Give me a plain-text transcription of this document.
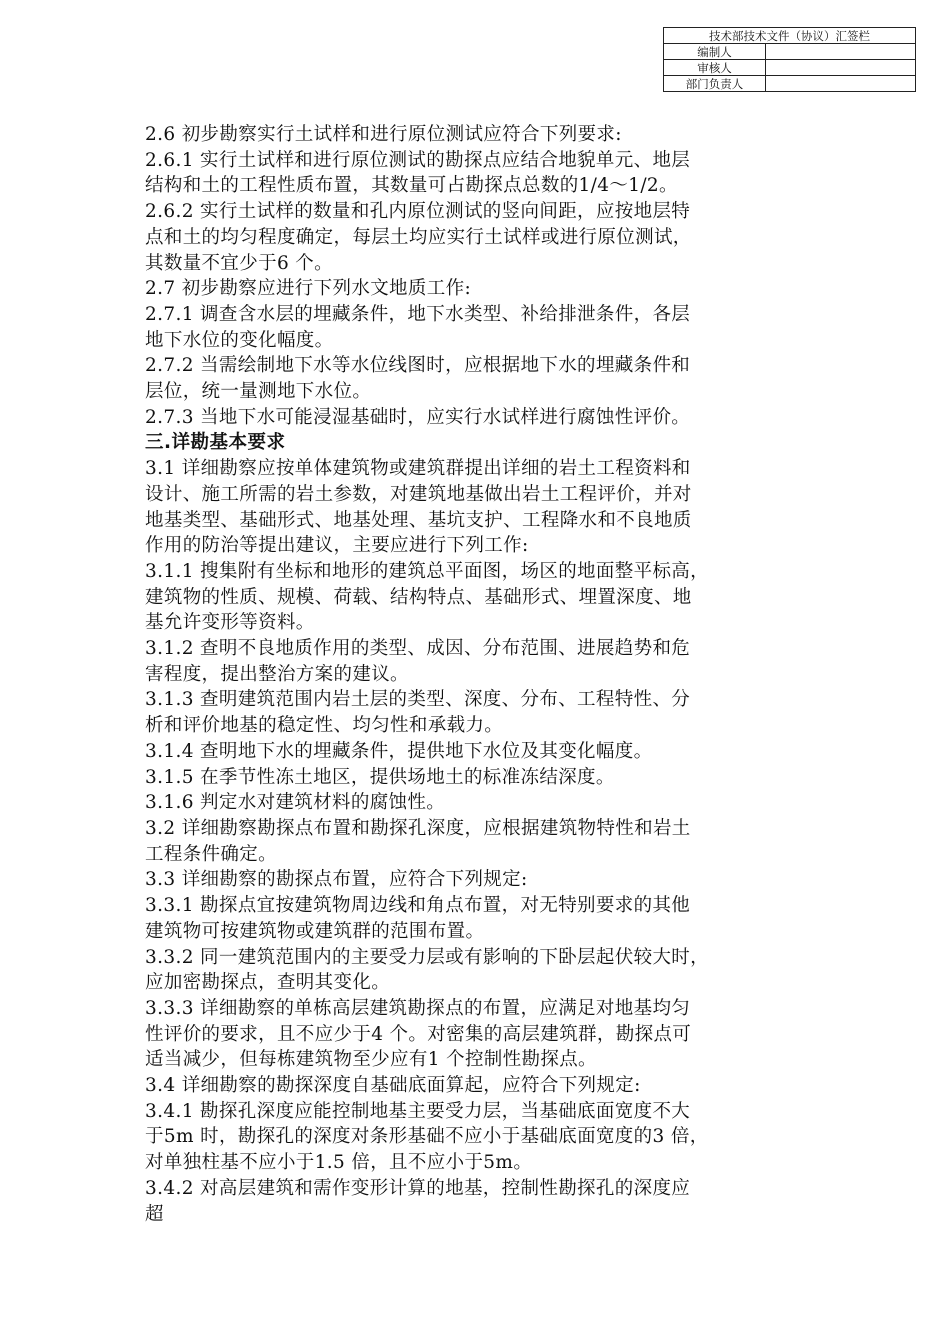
技术部技术文件（协议）汇签栏	
编制人	
审核人	
部门负责人	

2.6 初步勘察实行土试样和进行原位测试应符合下列要求:

2.6.1 实行土试样和进行原位测试的勘探点应结合地貌单元、地层

结构和土的工程性质布置，其数量可占勘探点总数的1/4～1/2。

2.6.2 实行土试样的数量和孔内原位测试的竖向间距，应按地层特

点和土的均匀程度确定，每层土均应实行土试样或进行原位测试，

其数量不宜少于6 个。

2.7 初步勘察应进行下列水文地质工作:

2.7.1 调查含水层的埋藏条件，地下水类型、补给排泄条件，各层

地下水位的变化幅度。

2.7.2 当需绘制地下水等水位线图时，应根据地下水的埋藏条件和

层位，统一量测地下水位。

2.7.3 当地下水可能浸湿基础时，应实行水试样进行腐蚀性评价。

三.详勘基本要求

3.1 详细勘察应按单体建筑物或建筑群提出详细的岩土工程资料和

设计、施工所需的岩土参数，对建筑地基做出岩土工程评价，并对

地基类型、基础形式、地基处理、基坑支护、工程降水和不良地质

作用的防治等提出建议，主要应进行下列工作:

3.1.1 搜集附有坐标和地形的建筑总平面图，场区的地面整平标高，

建筑物的性质、规模、荷载、结构特点、基础形式、埋置深度、地

基允许变形等资料。

3.1.2 查明不良地质作用的类型、成因、分布范围、进展趋势和危

害程度，提出整治方案的建议。

3.1.3 查明建筑范围内岩土层的类型、深度、分布、工程特性、分

析和评价地基的稳定性、均匀性和承载力。

3.1.4 查明地下水的埋藏条件，提供地下水位及其变化幅度。

3.1.5 在季节性冻土地区，提供场地土的标准冻结深度。

3.1.6 判定水对建筑材料的腐蚀性。

3.2 详细勘察勘探点布置和勘探孔深度，应根据建筑物特性和岩土

工程条件确定。

3.3 详细勘察的勘探点布置，应符合下列规定:

3.3.1 勘探点宜按建筑物周边线和角点布置，对无特别要求的其他

建筑物可按建筑物或建筑群的范围布置。

3.3.2 同一建筑范围内的主要受力层或有影响的下卧层起伏较大时，

应加密勘探点，查明其变化。

3.3.3 详细勘察的单栋高层建筑勘探点的布置，应满足对地基均匀

性评价的要求，且不应少于4 个。对密集的高层建筑群，勘探点可

适当减少，但每栋建筑物至少应有1 个控制性勘探点。

3.4 详细勘察的勘探深度自基础底面算起，应符合下列规定:

3.4.1 勘探孔深度应能控制地基主要受力层，当基础底面宽度不大

于5m 时，勘探孔的深度对条形基础不应小于基础底面宽度的3 倍，

对单独柱基不应小于1.5 倍，且不应小于5m。

3.4.2 对高层建筑和需作变形计算的地基，控制性勘探孔的深度应

超
